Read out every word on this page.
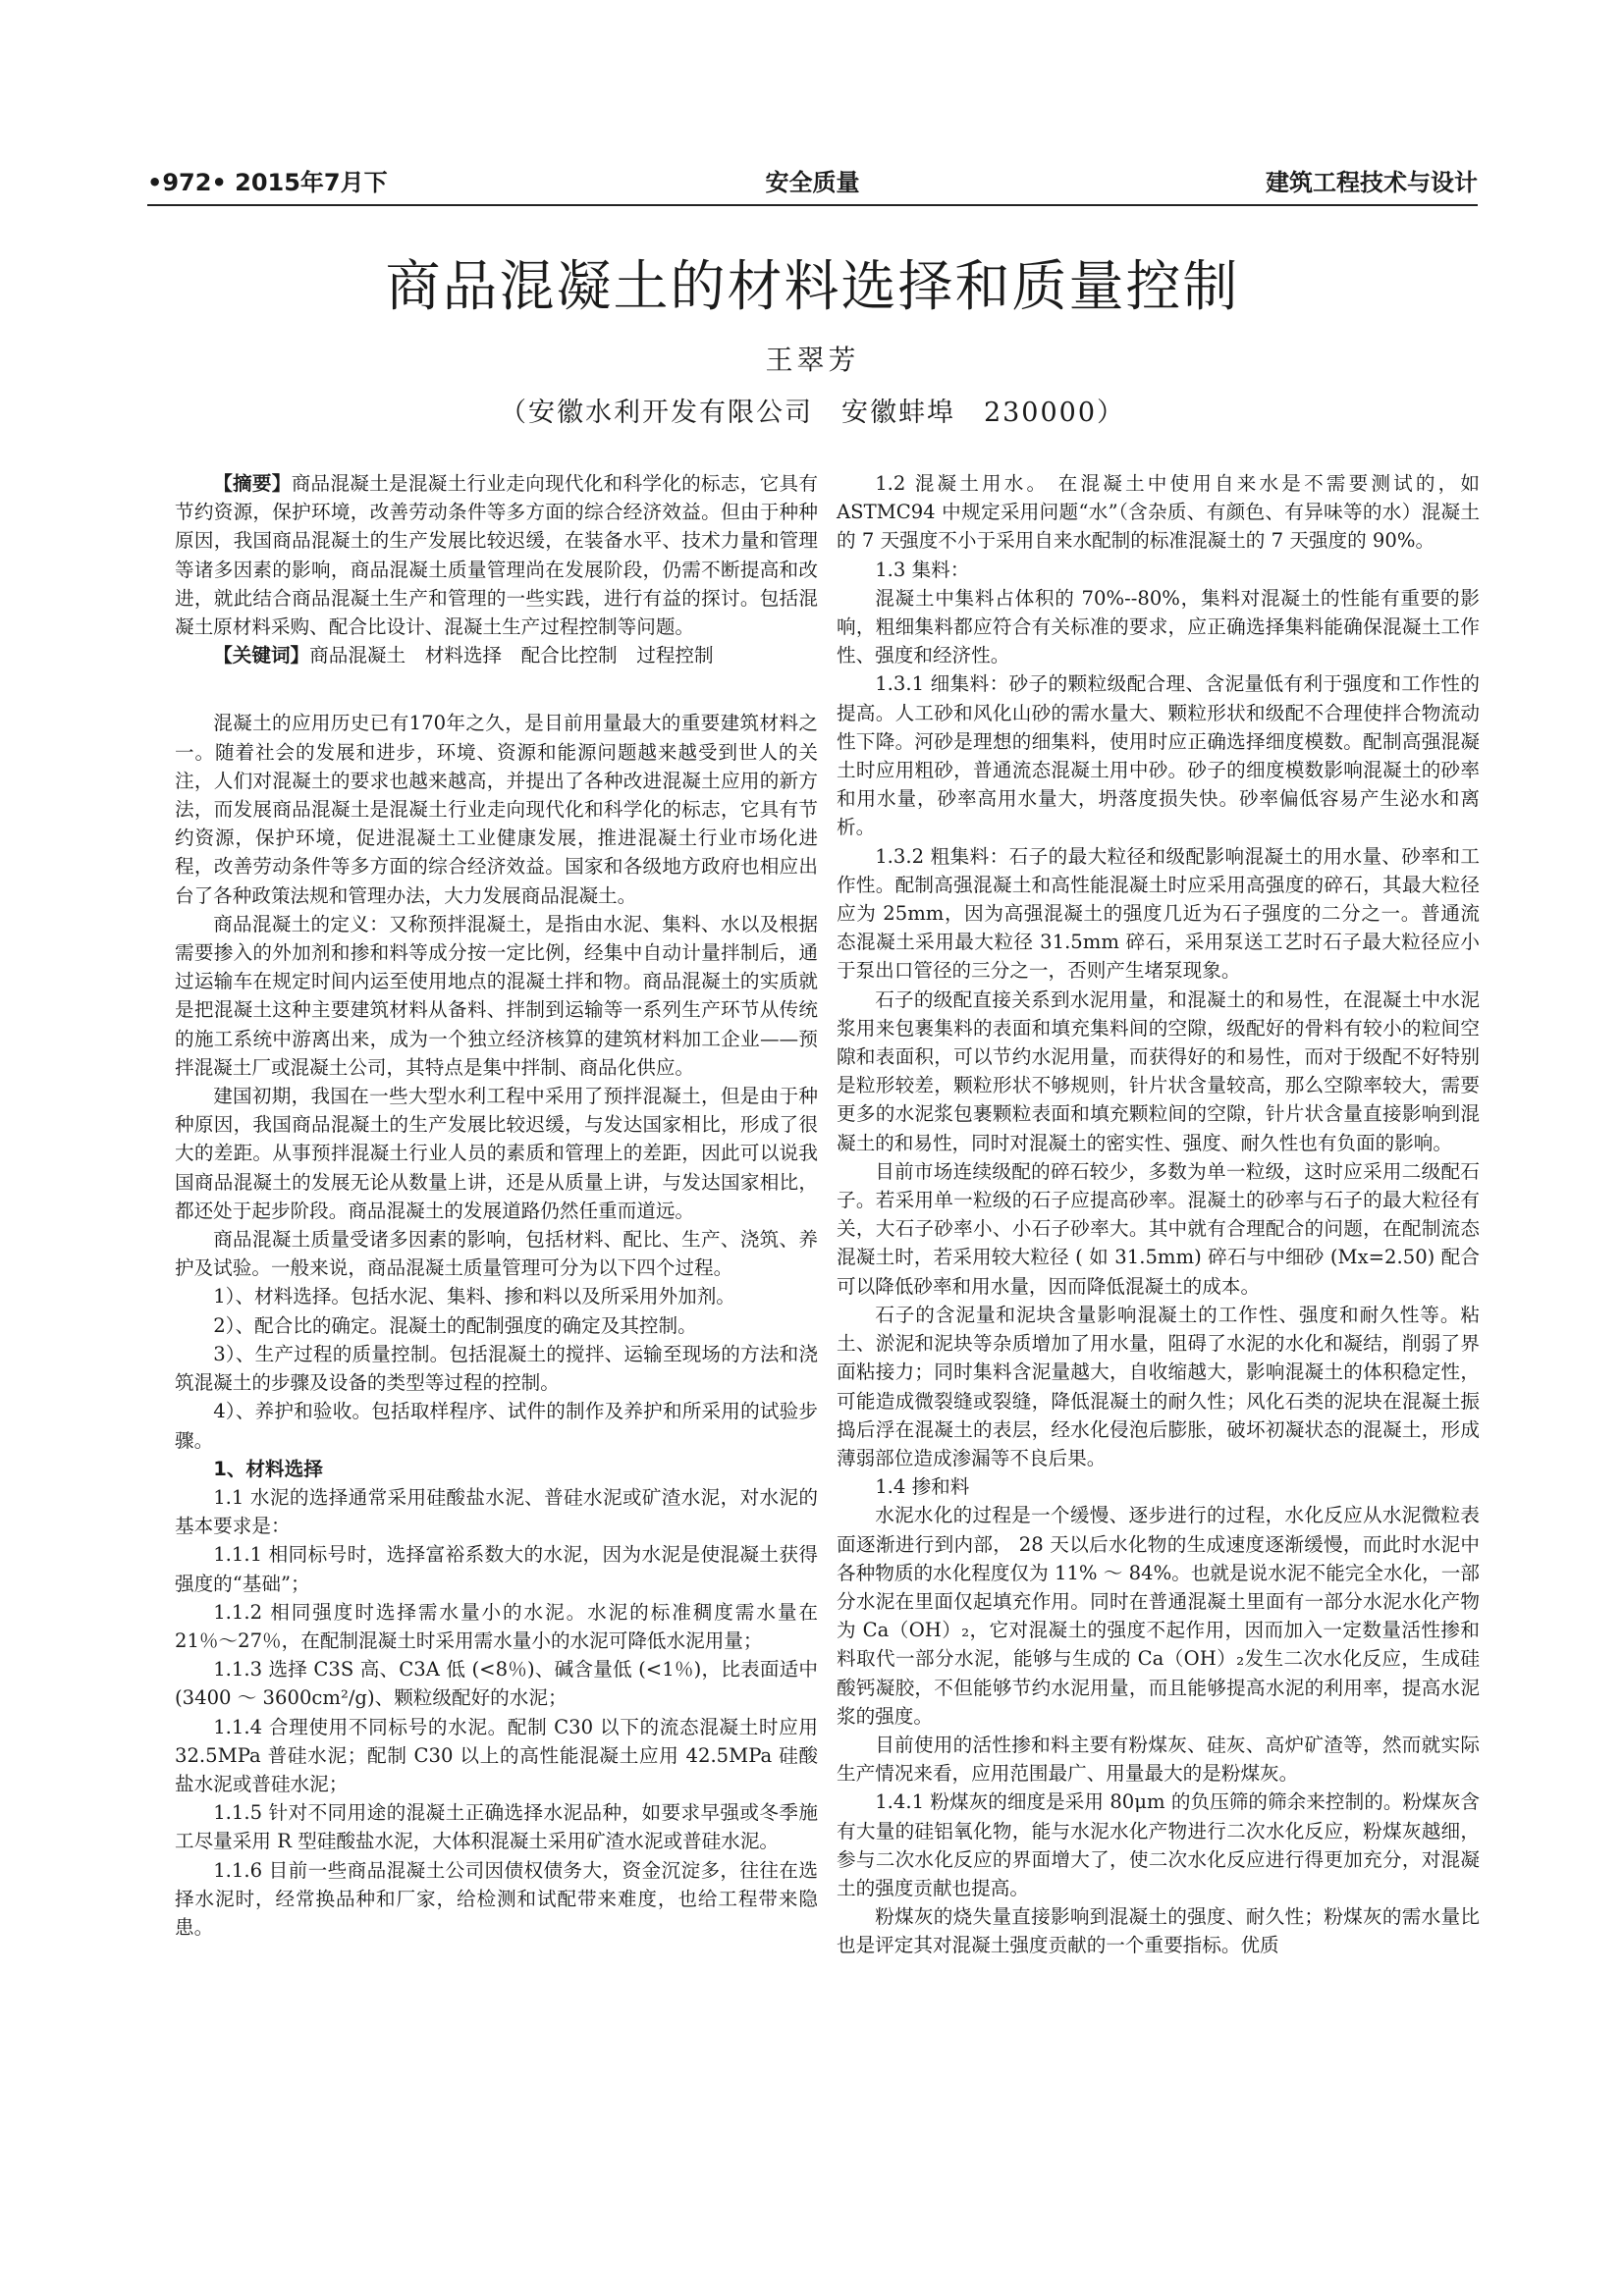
•972• 2015年7月下	安全质量	建筑工程技术与设计
商品混凝土的材料选择和质量控制
王翠芳
（安徽水利开发有限公司　安徽蚌埠　230000）

【摘要】商品混凝土是混凝土行业走向现代化和科学化的标志，它具有节约资源，保护环境，改善劳动条件等多方面的综合经济效益。但由于种种原因，我国商品混凝土的生产发展比较迟缓，在装备水平、技术力量和管理等诸多因素的影响，商品混凝土质量管理尚在发展阶段，仍需不断提高和改进，就此结合商品混凝土生产和管理的一些实践，进行有益的探讨。包括混凝土原材料采购、配合比设计、混凝土生产过程控制等问题。

【关键词】商品混凝土　材料选择　配合比控制　过程控制

混凝土的应用历史已有170年之久，是目前用量最大的重要建筑材料之一。随着社会的发展和进步，环境、资源和能源问题越来越受到世人的关注，人们对混凝土的要求也越来越高，并提出了各种改进混凝土应用的新方法，而发展商品混凝土是混凝土行业走向现代化和科学化的标志，它具有节约资源，保护环境，促进混凝土工业健康发展，推进混凝土行业市场化进程，改善劳动条件等多方面的综合经济效益。国家和各级地方政府也相应出台了各种政策法规和管理办法，大力发展商品混凝土。

商品混凝土的定义：又称预拌混凝土，是指由水泥、集料、水以及根据需要掺入的外加剂和掺和料等成分按一定比例，经集中自动计量拌制后，通过运输车在规定时间内运至使用地点的混凝土拌和物。商品混凝土的实质就是把混凝土这种主要建筑材料从备料、拌制到运输等一系列生产环节从传统的施工系统中游离出来，成为一个独立经济核算的建筑材料加工企业——预拌混凝土厂或混凝土公司，其特点是集中拌制、商品化供应。

建国初期，我国在一些大型水利工程中采用了预拌混凝土，但是由于种种原因，我国商品混凝土的生产发展比较迟缓，与发达国家相比，形成了很大的差距。从事预拌混凝土行业人员的素质和管理上的差距，因此可以说我国商品混凝土的发展无论从数量上讲，还是从质量上讲，与发达国家相比，都还处于起步阶段。商品混凝土的发展道路仍然任重而道远。

商品混凝土质量受诸多因素的影响，包括材料、配比、生产、浇筑、养护及试验。一般来说，商品混凝土质量管理可分为以下四个过程。

1）、材料选择。包括水泥、集料、掺和料以及所采用外加剂。

2）、配合比的确定。混凝土的配制强度的确定及其控制。

3）、生产过程的质量控制。包括混凝土的搅拌、运输至现场的方法和浇筑混凝土的步骤及设备的类型等过程的控制。

4）、养护和验收。包括取样程序、试件的制作及养护和所采用的试验步骤。

1、材料选择

1.1 水泥的选择通常采用硅酸盐水泥、普硅水泥或矿渣水泥，对水泥的基本要求是：

1.1.1 相同标号时，选择富裕系数大的水泥，因为水泥是使混凝土获得强度的“基础”；

1.1.2 相同强度时选择需水量小的水泥。水泥的标准稠度需水量在 21％～27％，在配制混凝土时采用需水量小的水泥可降低水泥用量；

1.1.3 选择 C3S 高、C3A 低 (<8％)、碱含量低 (<1％)，比表面适中 (3400 ～ 3600cm²/g)、颗粒级配好的水泥；

1.1.4 合理使用不同标号的水泥。配制 C30 以下的流态混凝土时应用 32.5MPa 普硅水泥；配制 C30 以上的高性能混凝土应用 42.5MPa 硅酸盐水泥或普硅水泥；

1.1.5 针对不同用途的混凝土正确选择水泥品种，如要求早强或冬季施工尽量采用 R 型硅酸盐水泥，大体积混凝土采用矿渣水泥或普硅水泥。

1.1.6 目前一些商品混凝土公司因债权债务大，资金沉淀多，往往在选择水泥时，经常换品种和厂家，给检测和试配带来难度，也给工程带来隐患。

1.2 混凝土用水。 在混凝土中使用自来水是不需要测试的，如 ASTMC94 中规定采用问题“水”（含杂质、有颜色、有异味等的水）混凝土的 7 天强度不小于采用自来水配制的标准混凝土的 7 天强度的 90%。

1.3 集料：

混凝土中集料占体积的 70%--80%，集料对混凝土的性能有重要的影响，粗细集料都应符合有关标准的要求，应正确选择集料能确保混凝土工作性、强度和经济性。

1.3.1 细集料：砂子的颗粒级配合理、含泥量低有利于强度和工作性的提高。人工砂和风化山砂的需水量大、颗粒形状和级配不合理使拌合物流动性下降。河砂是理想的细集料，使用时应正确选择细度模数。配制高强混凝土时应用粗砂，普通流态混凝土用中砂。砂子的细度模数影响混凝土的砂率和用水量，砂率高用水量大，坍落度损失快。砂率偏低容易产生泌水和离析。

1.3.2 粗集料：石子的最大粒径和级配影响混凝土的用水量、砂率和工作性。配制高强混凝土和高性能混凝土时应采用高强度的碎石，其最大粒径应为 25mm，因为高强混凝土的强度几近为石子强度的二分之一。普通流态混凝土采用最大粒径 31.5mm 碎石，采用泵送工艺时石子最大粒径应小于泵出口管径的三分之一，否则产生堵泵现象。

石子的级配直接关系到水泥用量，和混凝土的和易性，在混凝土中水泥浆用来包裹集料的表面和填充集料间的空隙，级配好的骨料有较小的粒间空隙和表面积，可以节约水泥用量，而获得好的和易性，而对于级配不好特别是粒形较差，颗粒形状不够规则，针片状含量较高，那么空隙率较大，需要更多的水泥浆包裹颗粒表面和填充颗粒间的空隙，针片状含量直接影响到混凝土的和易性，同时对混凝土的密实性、强度、耐久性也有负面的影响。

目前市场连续级配的碎石较少，多数为单一粒级，这时应采用二级配石子。若采用单一粒级的石子应提高砂率。混凝土的砂率与石子的最大粒径有关，大石子砂率小、小石子砂率大。其中就有合理配合的问题，在配制流态混凝土时，若采用较大粒径 ( 如 31.5mm) 碎石与中细砂 (Mx=2.50) 配合可以降低砂率和用水量，因而降低混凝土的成本。

石子的含泥量和泥块含量影响混凝土的工作性、强度和耐久性等。粘土、淤泥和泥块等杂质增加了用水量，阻碍了水泥的水化和凝结，削弱了界面粘接力；同时集料含泥量越大，自收缩越大，影响混凝土的体积稳定性，可能造成微裂缝或裂缝，降低混凝土的耐久性；风化石类的泥块在混凝土振捣后浮在混凝土的表层，经水化侵泡后膨胀，破坏初凝状态的混凝土，形成薄弱部位造成渗漏等不良后果。

1.4 掺和料

水泥水化的过程是一个缓慢、逐步进行的过程，水化反应从水泥微粒表面逐渐进行到内部， 28 天以后水化物的生成速度逐渐缓慢，而此时水泥中各种物质的水化程度仅为 11% ～ 84%。也就是说水泥不能完全水化，一部分水泥在里面仅起填充作用。同时在普通混凝土里面有一部分水泥水化产物为 Ca（OH）₂，它对混凝土的强度不起作用，因而加入一定数量活性掺和料取代一部分水泥，能够与生成的 Ca（OH）₂发生二次水化反应，生成硅酸钙凝胶，不但能够节约水泥用量，而且能够提高水泥的利用率，提高水泥浆的强度。

目前使用的活性掺和料主要有粉煤灰、硅灰、高炉矿渣等，然而就实际生产情况来看，应用范围最广、用量最大的是粉煤灰。

1.4.1 粉煤灰的细度是采用 80μm 的负压筛的筛余来控制的。粉煤灰含有大量的硅铝氧化物，能与水泥水化产物进行二次水化反应，粉煤灰越细，参与二次水化反应的界面增大了，使二次水化反应进行得更加充分，对混凝土的强度贡献也提高。

粉煤灰的烧失量直接影响到混凝土的强度、耐久性；粉煤灰的需水量比也是评定其对混凝土强度贡献的一个重要指标。优质
